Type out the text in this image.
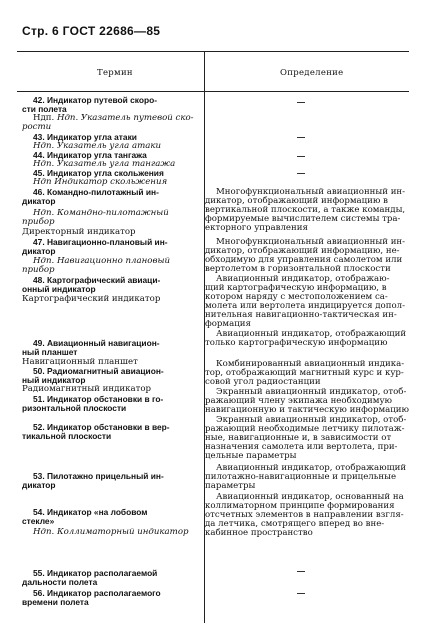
Стр. 6 ГОСТ 22686—85
Термин	Определение
42. Индикатор путевой скоро-
сти полета
Ндп. Ндп. Указатель путевой ско-
рости
43. Индикатор угла атаки
Ндп. Указатель угла атаки
44. Индикатор угла тангажа
Ндп. Указатель угла тангажа
45. Индикатор угла скольжения
Ндп Индикатор скольжения
46. Командно-пилотажный ин-
дикатор
Ндп. Командно-пилотажный
прибор
Директорный индикатор
47. Навигационно-плановый ин-
дикатор
Ндп. Навигационно плановый
прибор
48. Картографический авиаци-
онный индикатор
Картографический индикатор
49. Авиационный навигацион-
ный планшет
Навигационный планшет
50. Радиомагнитный авиацион-
ный индикатор
Радиомагнитный индикатор
51. Индикатор обстановки в го-
ризонтальной плоскости
52. Индикатор обстановки в вер-
тикальной плоскости
53. Пилотажно прицельный ин-
дикатор
54. Индикатор «на лобовом
стекле»
Ндп. Коллиматорный индикатор
55. Индикатор располагаемой
дальности полета
56. Индикатор располагаемого
времени полета
Многофункциональный авиационный ин-
дикатор, отображающий информацию в
вертикальной плоскости, а также команды,
формируемые вычислителем системы тра-
екторного управления
Многофункциональный авиационный ин-
дикатор, отображающий информацию, не-
обходимую для управления самолетом или
вертолетом в горизонтальной плоскости
Авиационный индикатор, отображаю-
щий картографическую информацию, в
котором наряду с местоположением са-
молета или вертолета индицируется допол-
нительная навигационно-тактическая ин-
формация
Авиационный индикатор, отображающий
только картографическую информацию
Комбинированный авиационный индика-
тор, отображающий магнитный курс и кур-
совой угол радиостанции
Экранный авиационный индикатор, отоб-
ражающий члену экипажа необходимую
навигационную и тактическую информацию
Экранный авиационный индикатор, отоб-
ражающий необходимые летчику пилотаж-
ные, навигационные и, в зависимости от
назначения самолета или вертолета, при-
цельные параметры
Авиационный индикатор, отображающий
пилотажно-навигационные и прицельные
параметры
Авиационный индикатор, основанный на
коллиматорном принципе формирования
отсчетных элементов в направлении взгля-
да летчика, смотрящего вперед во вне-
кабинное пространство
